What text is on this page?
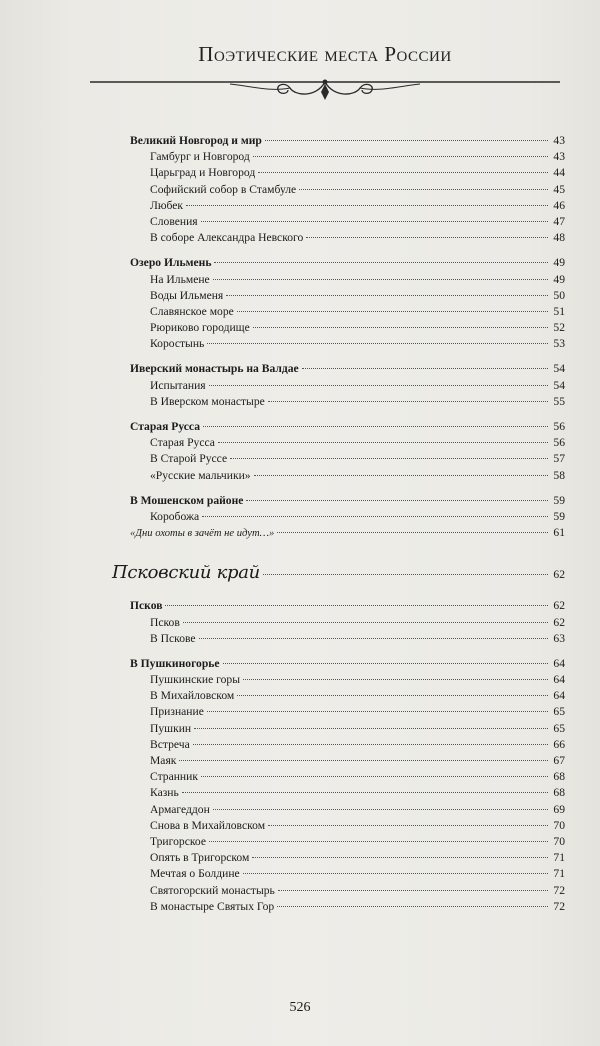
Поэтические места России
Великий Новгород и мир	43
Гамбург и Новгород	43
Царьград и Новгород	44
Софийский собор в Стамбуле	45
Любек	46
Словения	47
В соборе Александра Невского	48
Озеро Ильмень	49
На Ильмене	49
Воды Ильменя	50
Славянское море	51
Рюриково городище	52
Коростынь	53
Иверский монастырь на Валдае	54
Испытания	54
В Иверском монастыре	55
Старая Русса	56
Старая Русса	56
В Старой Руссе	57
«Русские мальчики»	58
В Мошенском районе	59
Коробожа	59
«Дни охоты в зачёт не идут…»	61
Псковский край	62
Псков	62
Псков	62
В Пскове	63
В Пушкиногорье	64
Пушкинские горы	64
В Михайловском	64
Признание	65
Пушкин	65
Встреча	66
Маяк	67
Странник	68
Казнь	68
Армагеддон	69
Снова в Михайловском	70
Тригорское	70
Опять в Тригорском	71
Мечтая о Болдине	71
Святогорский монастырь	72
В монастыре Святых Гор	72
526
